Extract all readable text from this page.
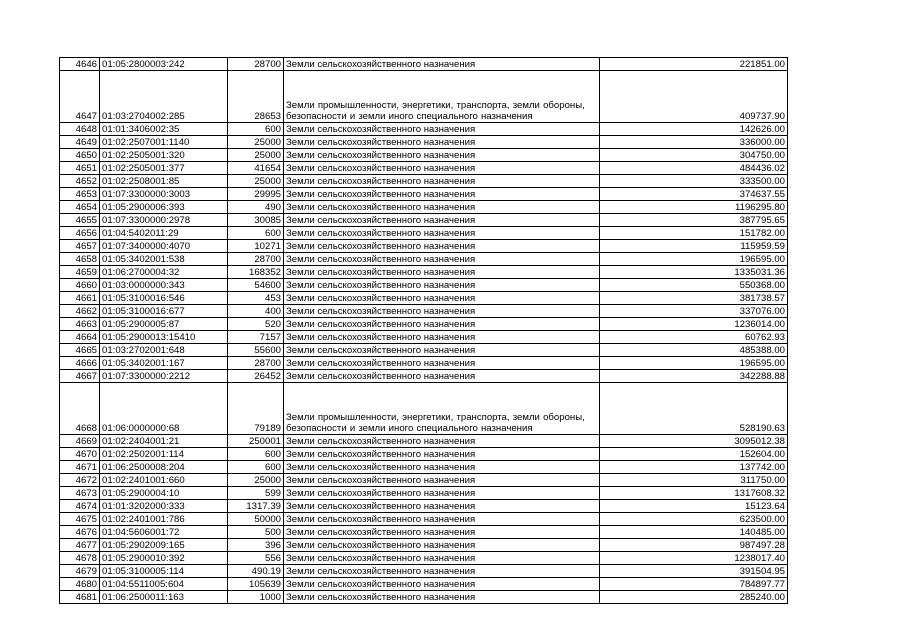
4646	01:05:2800003:242	28700	Земли сельскохозяйственного назначения	221851.00
4647	01:03:2704002:285	28653	Земли промышленности, энергетики, транспорта, земли обороны, безопасности и земли иного специального назначения	409737.90
4648	01:01:3406002:35	600	Земли сельскохозяйственного назначения	142626.00
4649	01:02:2507001:1140	25000	Земли сельскохозяйственного назначения	336000.00
4650	01:02:2505001:320	25000	Земли сельскохозяйственного назначения	304750.00
4651	01:02:2505001:377	41654	Земли сельскохозяйственного назначения	484436.02
4652	01:02:2508001:85	25000	Земли сельскохозяйственного назначения	333500.00
4653	01:07:3300000:3003	29995	Земли сельскохозяйственного назначения	374637.55
4654	01:05:2900006:393	490	Земли сельскохозяйственного назначения	1196295.80
4655	01:07:3300000:2978	30085	Земли сельскохозяйственного назначения	387795.65
4656	01:04:5402011:29	600	Земли сельскохозяйственного назначения	151782.00
4657	01:07:3400000:4070	10271	Земли сельскохозяйственного назначения	115959.59
4658	01:05:3402001:538	28700	Земли сельскохозяйственного назначения	196595.00
4659	01:06:2700004:32	168352	Земли сельскохозяйственного назначения	1335031.36
4660	01:03:0000000:343	54600	Земли сельскохозяйственного назначения	550368.00
4661	01:05:3100016:546	453	Земли сельскохозяйственного назначения	381738.57
4662	01:05:3100016:677	400	Земли сельскохозяйственного назначения	337076.00
4663	01:05:2900005:87	520	Земли сельскохозяйственного назначения	1236014.00
4664	01:05:2900013:15410	7157	Земли сельскохозяйственного назначения	60762.93
4665	01:03:2702001:648	55600	Земли сельскохозяйственного назначения	485388.00
4666	01:05:3402001:167	28700	Земли сельскохозяйственного назначения	196595.00
4667	01:07:3300000:2212	26452	Земли сельскохозяйственного назначения	342288.88
4668	01:06:0000000:68	79189	Земли промышленности, энергетики, транспорта, земли обороны, безопасности и земли иного специального назначения	528190.63
4669	01:02:2404001:21	250001	Земли сельскохозяйственного назначения	3095012.38
4670	01:02:2502001:114	600	Земли сельскохозяйственного назначения	152604.00
4671	01:06:2500008:204	600	Земли сельскохозяйственного назначения	137742.00
4672	01:02:2401001:660	25000	Земли сельскохозяйственного назначения	311750.00
4673	01:05:2900004:10	599	Земли сельскохозяйственного назначения	1317608.32
4674	01:01:3202000:333	1317.39	Земли сельскохозяйственного назначения	15123.64
4675	01:02:2401001:786	50000	Земли сельскохозяйственного назначения	623500.00
4676	01:04:5606001:72	500	Земли сельскохозяйственного назначения	140485.00
4677	01:05:2902009:165	396	Земли сельскохозяйственного назначения	987497.28
4678	01:05:2900010:392	556	Земли сельскохозяйственного назначения	1238017.40
4679	01:05:3100005:114	490.19	Земли сельскохозяйственного назначения	391504.95
4680	01:04:5511005:604	105639	Земли сельскохозяйственного назначения	784897.77
4681	01:06:2500011:163	1000	Земли сельскохозяйственного назначения	285240.00
